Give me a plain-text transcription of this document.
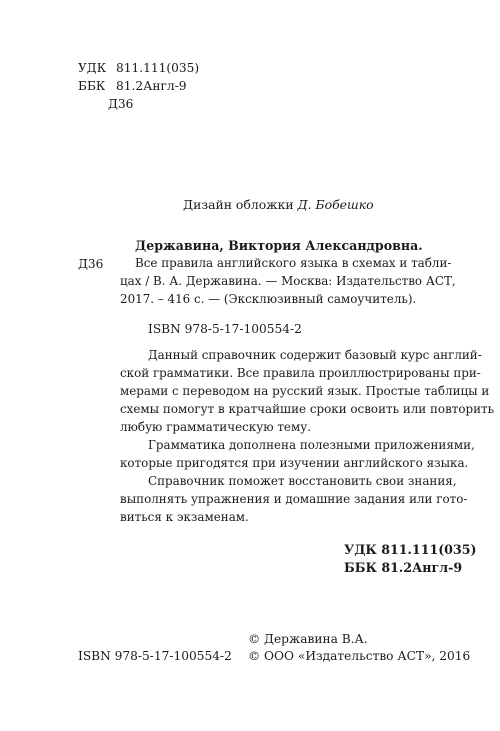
УДК 811.111(035)
ББК 81.2Англ-9
Д36
Дизайн обложки Д. Бобешко
Державина, Виктория Александровна.
Д36	Все правила английского языка в схемах и табли-
цах / В. А. Державина. — Москва: Издательство АСТ,
2017. – 416 с. — (Эксклюзивный самоучитель).
ISBN 978-5-17-100554-2
Данный справочник содержит базовый курс англий-
ской грамматики. Все правила проиллюстрированы при-
мерами с переводом на русский язык. Простые таблицы и
схемы помогут в кратчайшие сроки освоить или повторить
любую грамматическую тему.
Грамматика дополнена полезными приложениями,
которые пригодятся при изучении английского языка.
Справочник поможет восстановить свои знания,
выполнять упражнения и домашние задания или гото-
виться к экзаменам.
УДК 811.111(035)
ББК 81.2Англ-9
© Державина В.А.
ISBN 978-5-17-100554-2 © ООО «Издательство АСТ», 2016
